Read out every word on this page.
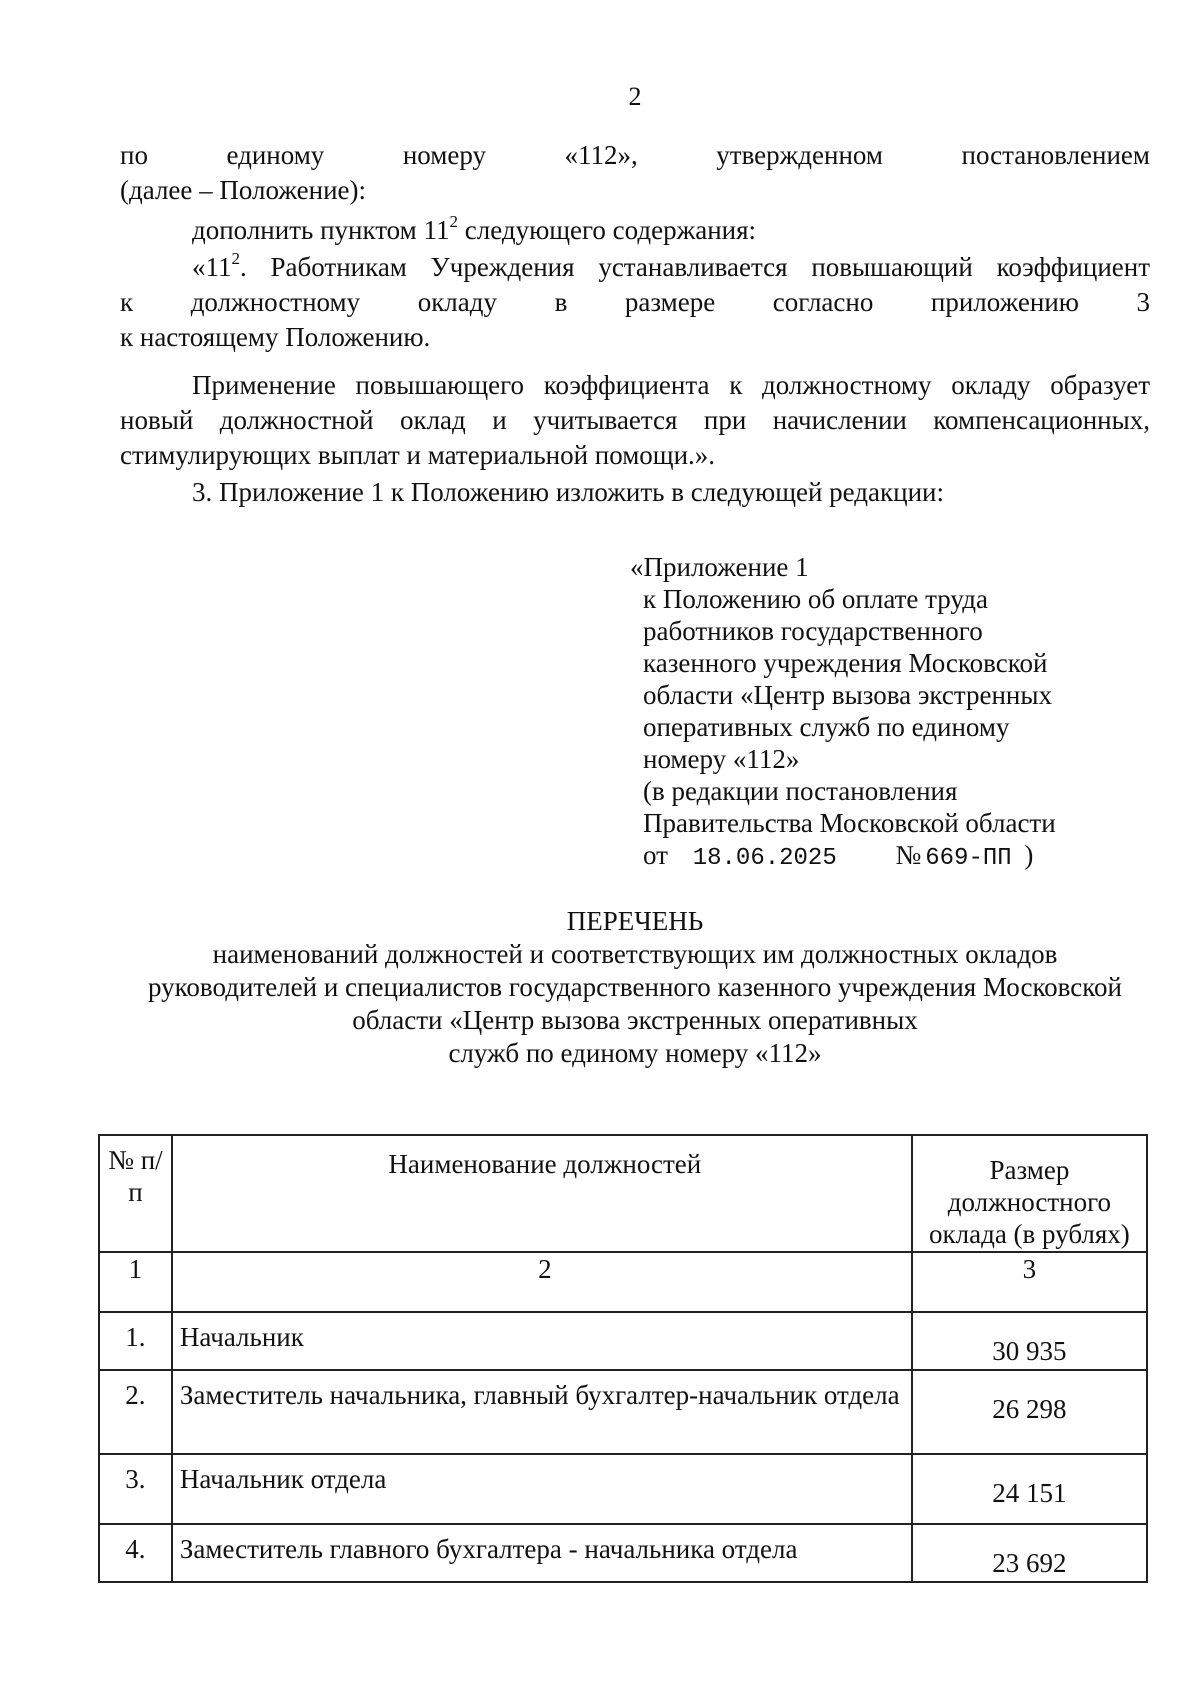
2
по	единому	номеру	«112»,	утвержденном	постановлением
(далее – Положение):
дополнить пунктом $11^2$ следующего содержания:
«$11^2$. Работникам Учреждения устанавливается повышающий коэффициент
к должностному окладу в размере согласно приложению 3
к настоящему Положению.
Применение повышающего коэффициента к должностному окладу образует новый должностной оклад и учитывается при начислении компенсационных, стимулирующих выплат и материальной помощи.».
3. Приложение 1 к Положению изложить в следующей редакции:
«Приложение 1
к Положению об оплате труда
работников государственного
казенного учреждения Московской
области «Центр вызова экстренных
оперативных служб по единому
номеру «112»
(в редакции постановления
Правительства Московской области
от 18.06.2025 № 669-ПП )
ПЕРЕЧЕНЬ
наименований должностей и соответствующих им должностных окладов
руководителей и специалистов государственного казенного учреждения Московской
области «Центр вызова экстренных оперативных
служб по единому номеру «112»
№ п/п	Наименование должностей	Размер должностного оклада (в рублях)
1	2	3
1.	Начальник	30 935
2.	Заместитель начальника, главный бухгалтер-начальник отдела	26 298
3.	Начальник отдела	24 151
4.	Заместитель главного бухгалтера - начальника отдела	23 692
